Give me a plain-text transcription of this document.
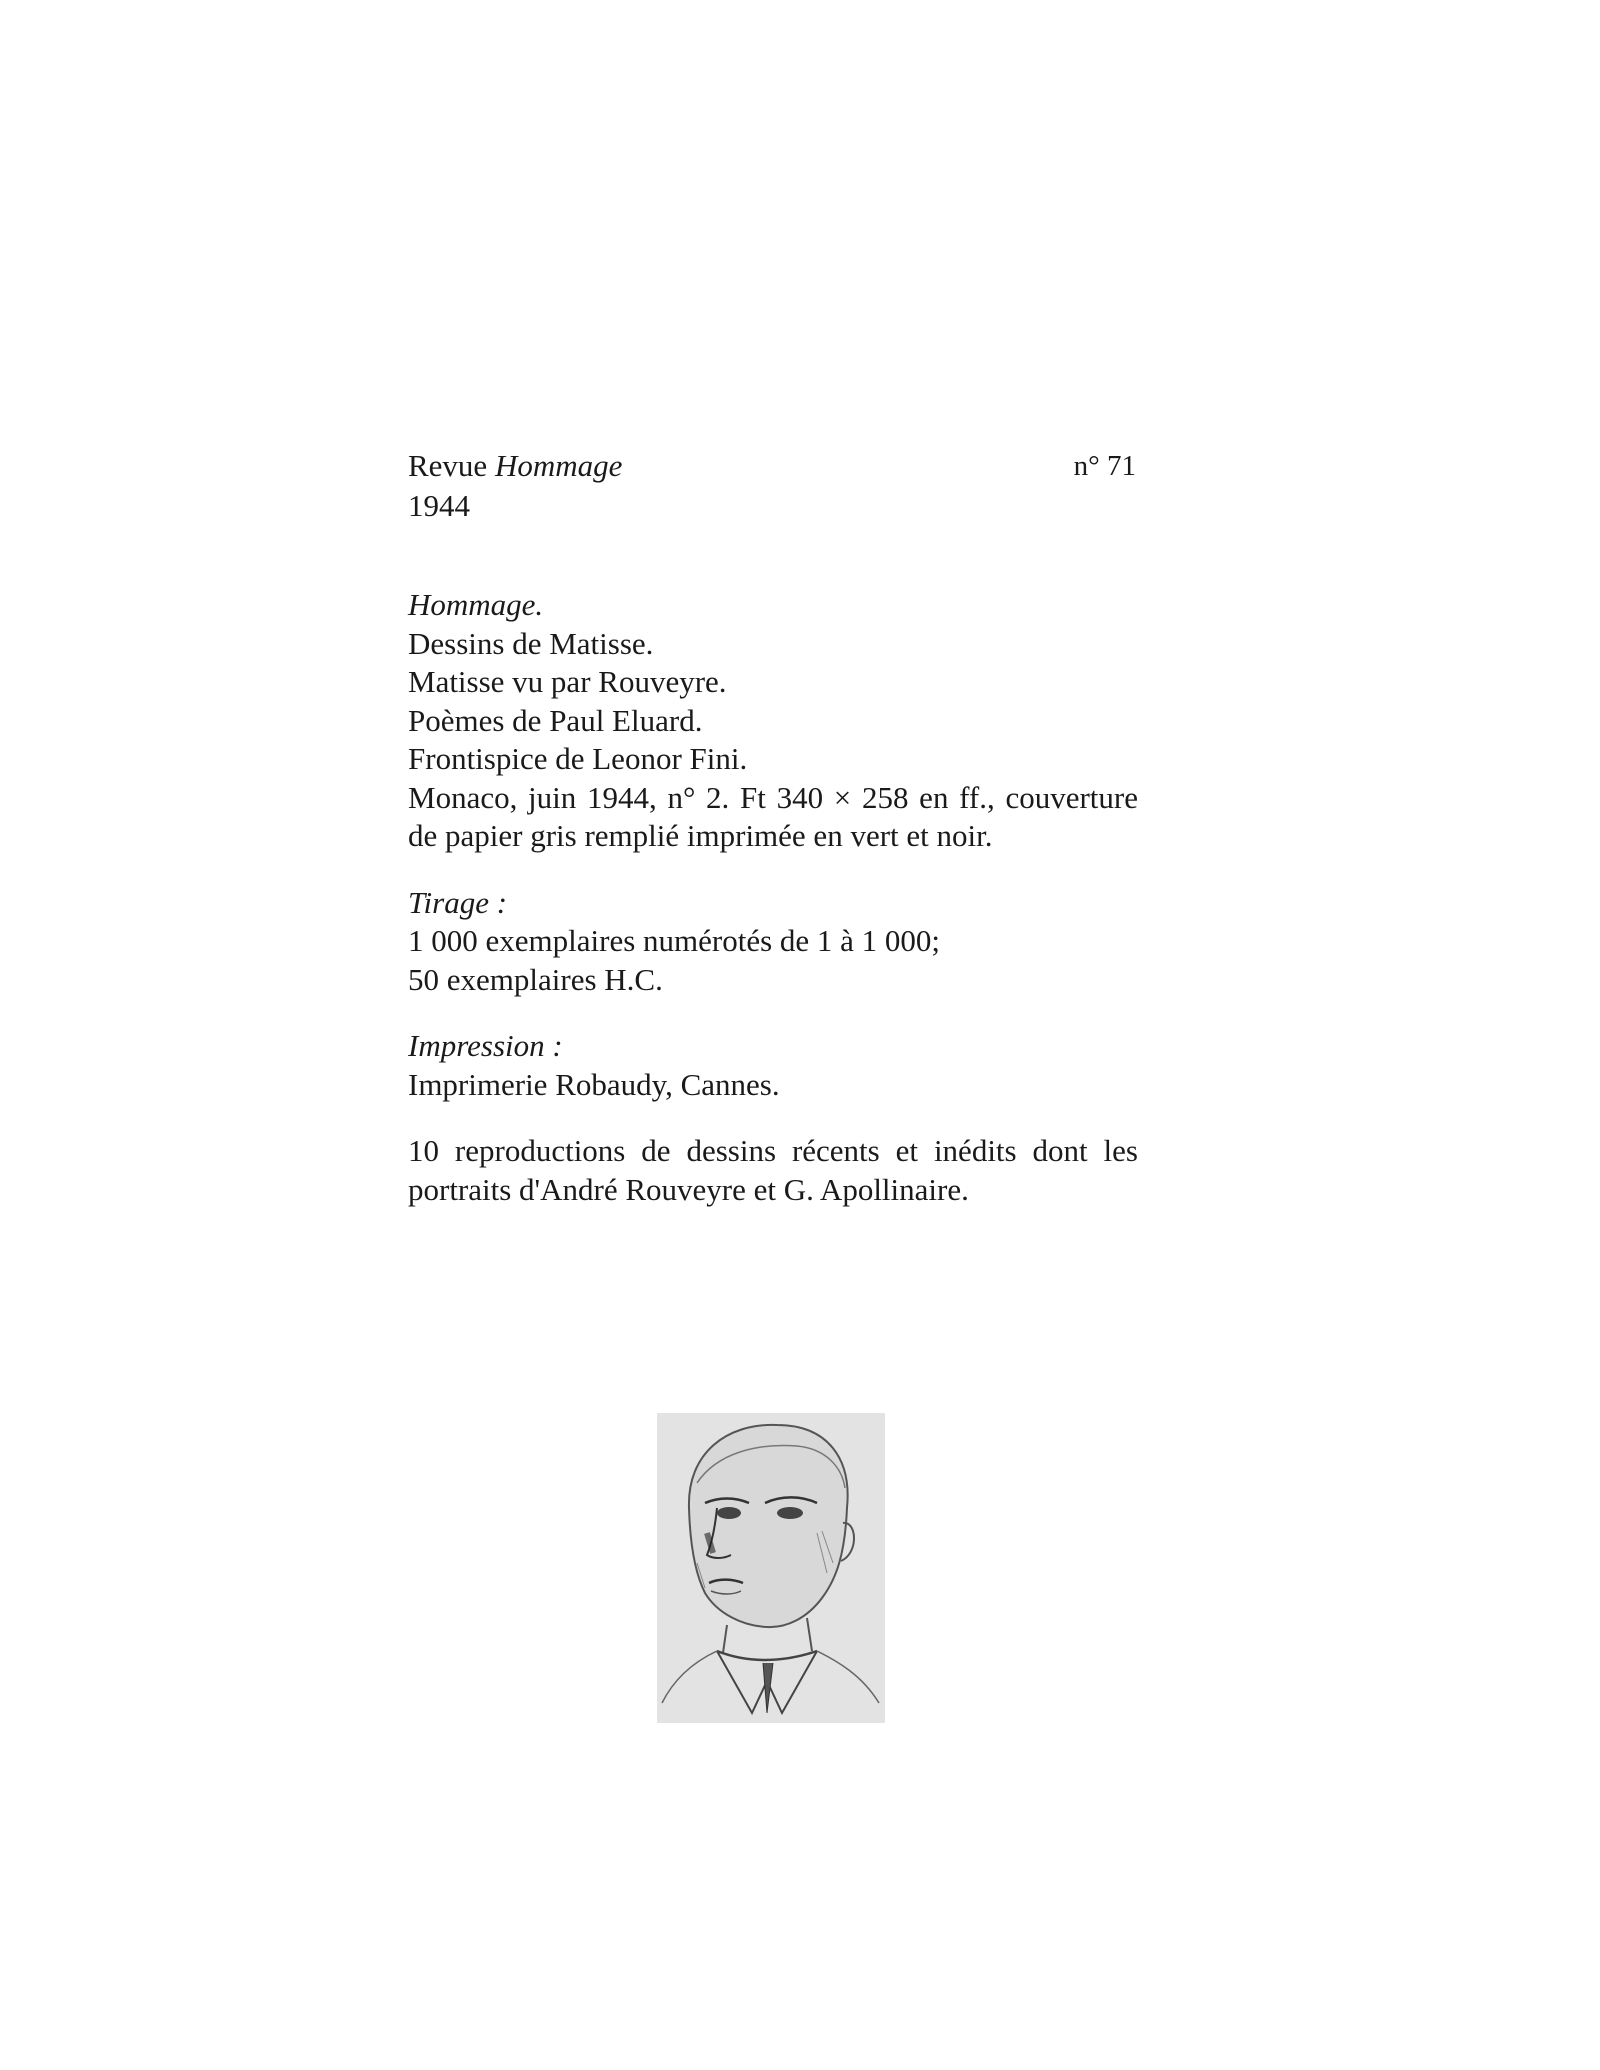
Revue Hommage
1944
n° 71

Hommage.

Dessins de Matisse.

Matisse vu par Rouveyre.

Poèmes de Paul Eluard.

Frontispice de Leonor Fini.

Monaco, juin 1944, n° 2. Ft 340 × 258 en ff., couverture de papier gris remplié imprimée en vert et noir.

Tirage :

1 000 exemplaires numérotés de 1 à 1 000;

50 exemplaires H.C.

Impression :

Imprimerie Robaudy, Cannes.

10 reproductions de dessins récents et inédits dont les portraits d'André Rouveyre et G. Apollinaire.
